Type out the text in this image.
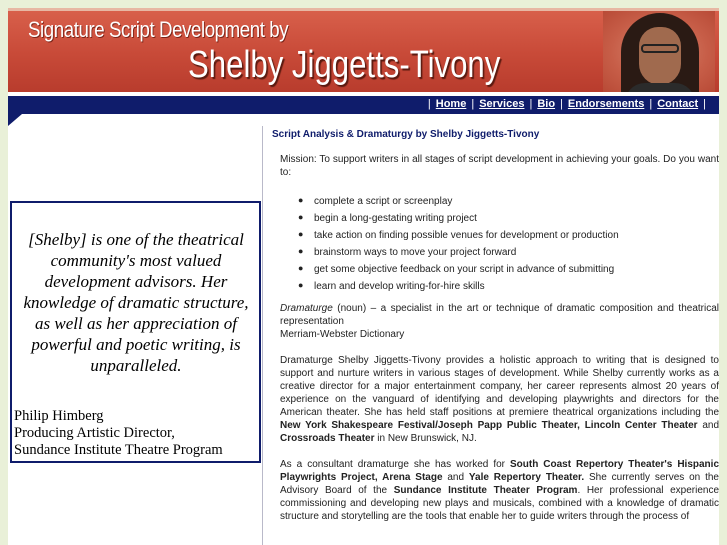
Signature Script Development by
Shelby Jiggetts-Tivony
| Home | Services | Bio | Endorsements | Contact |
[Shelby] is one of the theatrical community's most valued development advisors. Her knowledge of dramatic structure, as well as her appreciation of powerful and poetic writing, is unparalleled.
Philip Himberg
Producing Artistic Director,
Sundance Institute Theatre Program
Script Analysis & Dramaturgy by Shelby Jiggetts-Tivony

Mission: To support writers in all stages of script development in achieving your goals. Do you want to:

● complete a script or screenplay
● begin a long-gestating writing project
● take action on finding possible venues for development or production
● brainstorm ways to move your project forward
● get some objective feedback on your script in advance of submitting
● learn and develop writing-for-hire skills

Dramaturge (noun) – a specialist in the art or technique of dramatic composition and theatrical representation

Merriam-Webster Dictionary

Dramaturge Shelby Jiggetts-Tivony provides a holistic approach to writing that is designed to support and nurture writers in various stages of development. While Shelby currently works as a creative director for a major entertainment company, her career represents almost 20 years of experience on the vanguard of identifying and developing playwrights and directors for the American theater. She has held staff positions at premiere theatrical organizations including the New York Shakespeare Festival/Joseph Papp Public Theater, Lincoln Center Theater and Crossroads Theater in New Brunswick, NJ.

As a consultant dramaturge she has worked for South Coast Repertory Theater's Hispanic Playwrights Project, Arena Stage and Yale Repertory Theater. She currently serves on the Advisory Board of the Sundance Institute Theater Program. Her professional experience commissioning and developing new plays and musicals, combined with a knowledge of dramatic structure and storytelling are the tools that enable her to guide writers through the process of
